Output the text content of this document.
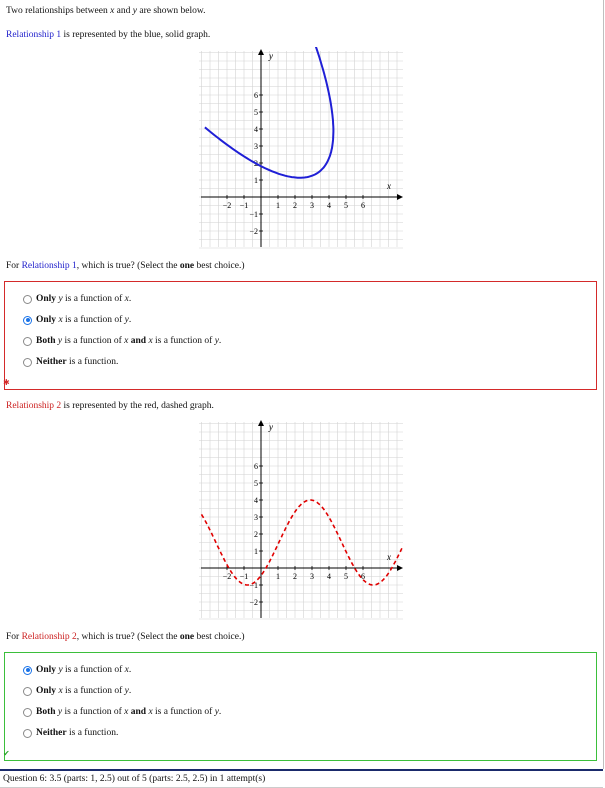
Two relationships between x and y are shown below.
Relationship 1 is represented by the blue, solid graph.
−2 −1	1 2 3 4 5 6
6
5
4
3
2
1
−1
−2
x
y
For Relationship 1, which is true? (Select the one best choice.)
Only y is a function of x.
Only x is a function of y.
Both y is a function of x and x is a function of y.
Neither is a function.
✱
Relationship 2 is represented by the red, dashed graph.
−2 −1	1 2 3 4 5 6
6
5
4
3
2
1
−1
−2
x
y
For Relationship 2, which is true? (Select the one best choice.)
Only y is a function of x.
Only x is a function of y.
Both y is a function of x and x is a function of y.
Neither is a function.
✔
Question 6: 3.5 (parts: 1, 2.5) out of 5 (parts: 2.5, 2.5) in 1 attempt(s)
